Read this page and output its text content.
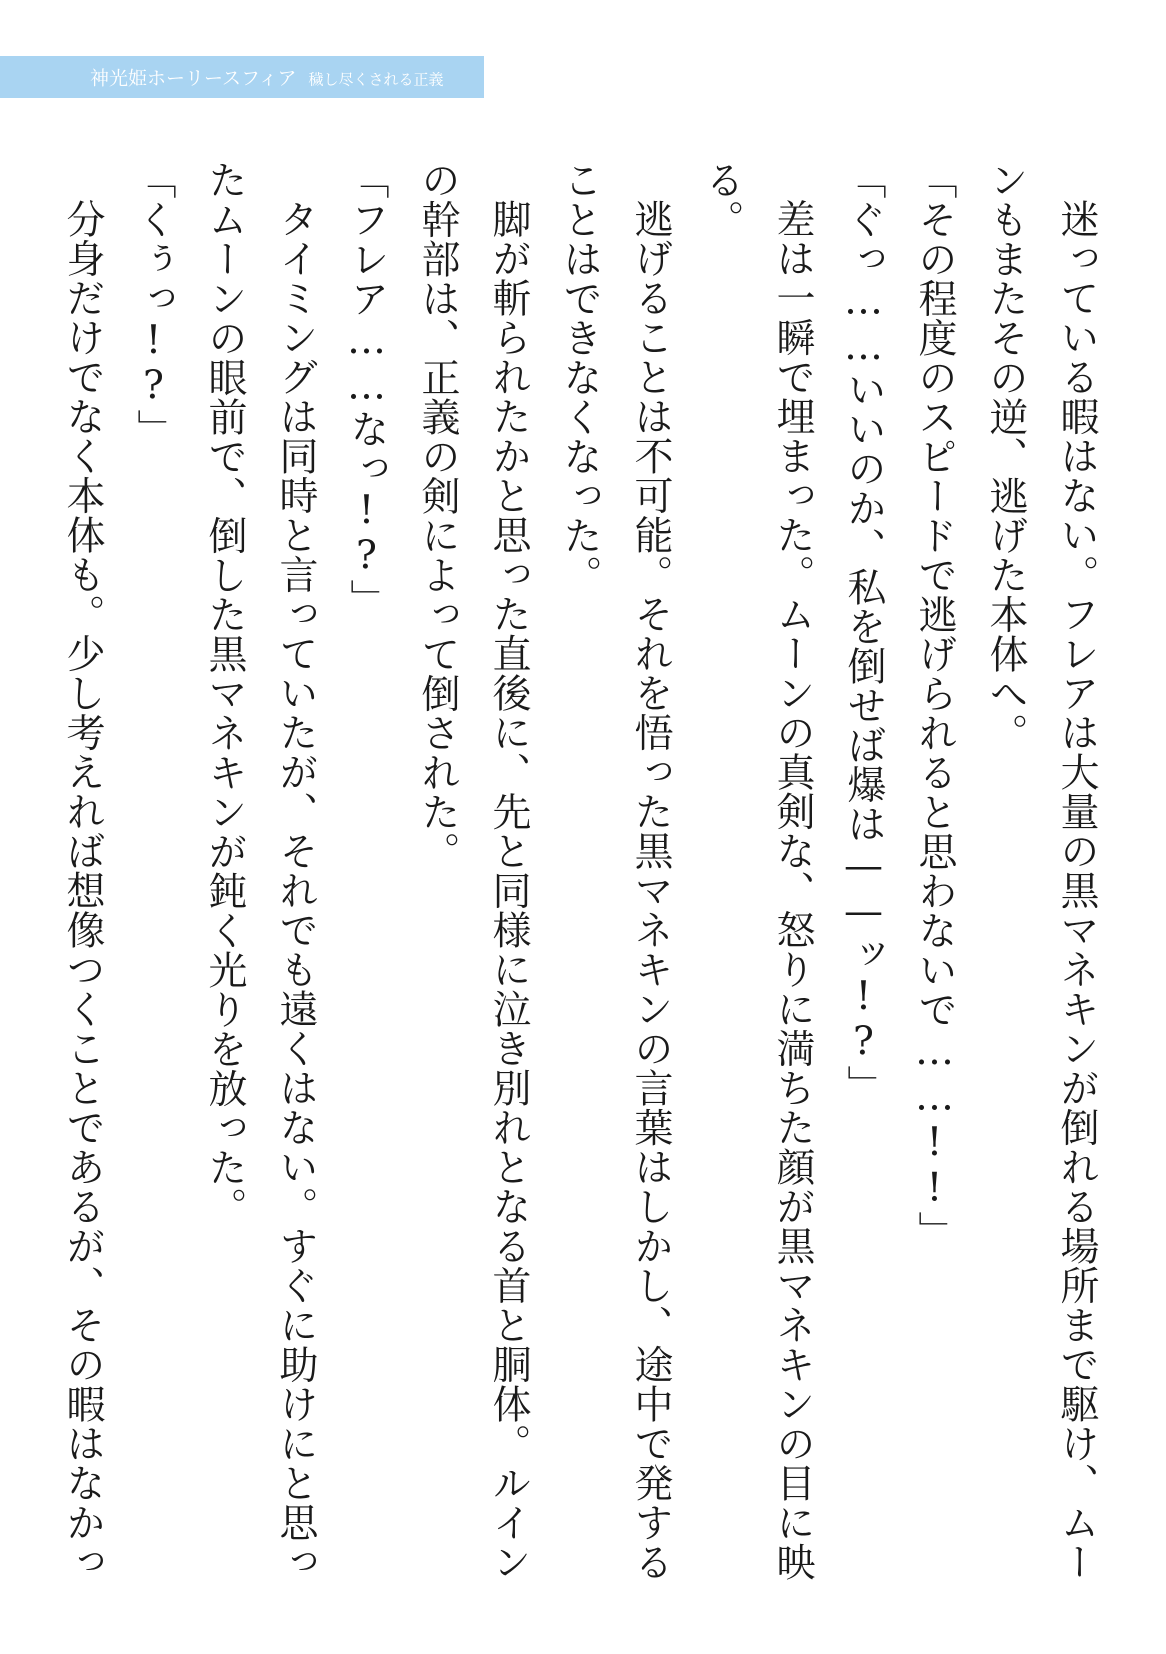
神光姫ホーリースフィア 穢し尽くされる正義

迷っている暇はない。フレアは大量の黒マネキンが倒れる場所まで駆け、ムーンもまたその逆、逃げた本体へ。

「その程度のスピードで逃げられると思わないで……!!」

「ぐっ……いいのか、私を倒せば爆は——ッ!?」

差は一瞬で埋まった。ムーンの真剣な、怒りに満ちた顔が黒マネキンの目に映る。

逃げることは不可能。それを悟った黒マネキンの言葉はしかし、途中で発することはできなくなった。

脚が斬られたかと思った直後に、先と同様に泣き別れとなる首と胴体。ルインの幹部は、正義の剣によって倒された。

「フレア……なっ!?」

タイミングは同時と言っていたが、それでも遠くはない。すぐに助けにと思ったムーンの眼前で、倒した黒マネキンが鈍く光りを放った。

「くぅっ!?」

分身だけでなく本体も。少し考えれば想像つくことであるが、その暇はなかっ
